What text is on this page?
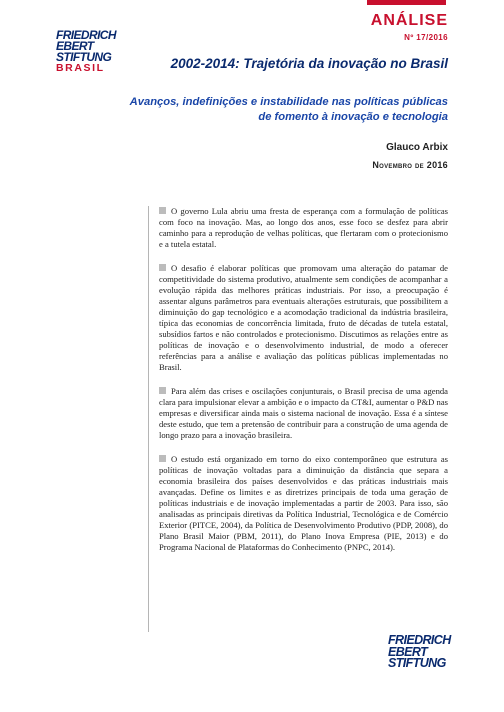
FRIEDRICH
EBERT
STIFTUNG
BRASIL
ANÁLISE
Nº 17/2016
2002-2014: Trajetória da inovação no Brasil
Avanços, indefinições e instabilidade nas políticas públicas de fomento à inovação e tecnologia
Glauco Arbix
Novembro de 2016

O governo Lula abriu uma fresta de esperança com a formulação de políticas com foco na inovação. Mas, ao longo dos anos, esse foco se desfez para abrir caminho para a reprodução de velhas políticas, que flertaram com o protecionismo e a tutela estatal.

O desafio é elaborar políticas que promovam uma alteração do patamar de competitividade do sistema produtivo, atualmente sem condições de acompanhar a evolução rápida das melhores práticas industriais. Por isso, a preocupação é assentar alguns parâmetros para eventuais alterações estruturais, que possibilitem a diminuição do gap tecnológico e a acomodação tradicional da indústria brasileira, típica das economias de concorrência limitada, fruto de décadas de tutela estatal, subsídios fartos e não controlados e protecionismo. Discutimos as relações entre as políticas de inovação e o desenvolvimento industrial, de modo a oferecer referências para a análise e avaliação das políticas públicas implementadas no Brasil.

Para além das crises e oscilações conjunturais, o Brasil precisa de uma agenda clara para impulsionar elevar a ambição e o impacto da CT&I, aumentar o P&D nas empresas e diversificar ainda mais o sistema nacional de inovação. Essa é a síntese deste estudo, que tem a pretensão de contribuir para a construção de uma agenda de longo prazo para a inovação brasileira.

O estudo está organizado em torno do eixo contemporâneo que estrutura as políticas de inovação voltadas para a diminuição da distância que separa a economia brasileira dos países desenvolvidos e das práticas industriais mais avançadas. Define os limites e as diretrizes principais de toda uma geração de políticas industriais e de inovação implementadas a partir de 2003. Para isso, são analisadas as principais diretivas da Política Industrial, Tecnológica e de Comércio Exterior (PITCE, 2004), da Política de Desenvolvimento Produtivo (PDP, 2008), do Plano Brasil Maior (PBM, 2011), do Plano Inova Empresa (PIE, 2013) e do Programa Nacional de Plataformas do Conhecimento (PNPC, 2014).

FRIEDRICH
EBERT
STIFTUNG
